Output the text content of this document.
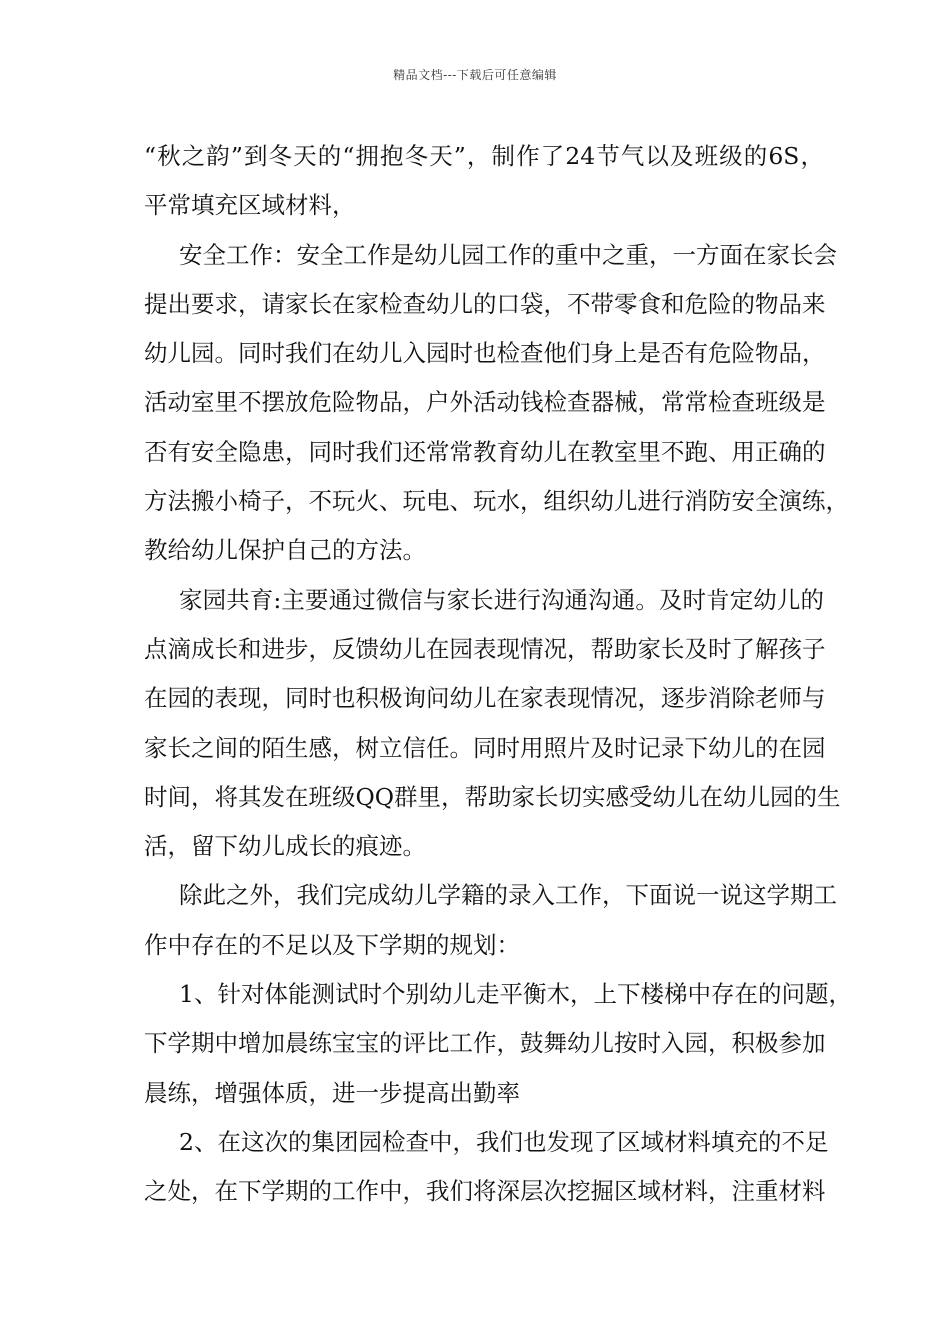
精品文档---下载后可任意编辑
“秋之韵”到冬天的“拥抱冬天”，制作了24节气以及班级的6S，
平常填充区域材料，
安全工作：安全工作是幼儿园工作的重中之重，一方面在家长会
提出要求，请家长在家检查幼儿的口袋，不带零食和危险的物品来
幼儿园。同时我们在幼儿入园时也检查他们身上是否有危险物品，
活动室里不摆放危险物品，户外活动钱检查器械，常常检查班级是
否有安全隐患，同时我们还常常教育幼儿在教室里不跑、用正确的
方法搬小椅子，不玩火、玩电、玩水，组织幼儿进行消防安全演练，
教给幼儿保护自己的方法。
家园共育:主要通过微信与家长进行沟通沟通。及时肯定幼儿的
点滴成长和进步，反馈幼儿在园表现情况，帮助家长及时了解孩子
在园的表现，同时也积极询问幼儿在家表现情况，逐步消除老师与
家长之间的陌生感，树立信任。同时用照片及时记录下幼儿的在园
时间，将其发在班级QQ群里，帮助家长切实感受幼儿在幼儿园的生
活，留下幼儿成长的痕迹。
除此之外，我们完成幼儿学籍的录入工作，下面说一说这学期工
作中存在的不足以及下学期的规划：
1、针对体能测试时个别幼儿走平衡木，上下楼梯中存在的问题，
下学期中增加晨练宝宝的评比工作，鼓舞幼儿按时入园，积极参加
晨练，增强体质，进一步提高出勤率
2、在这次的集团园检查中，我们也发现了区域材料填充的不足
之处，在下学期的工作中，我们将深层次挖掘区域材料，注重材料
